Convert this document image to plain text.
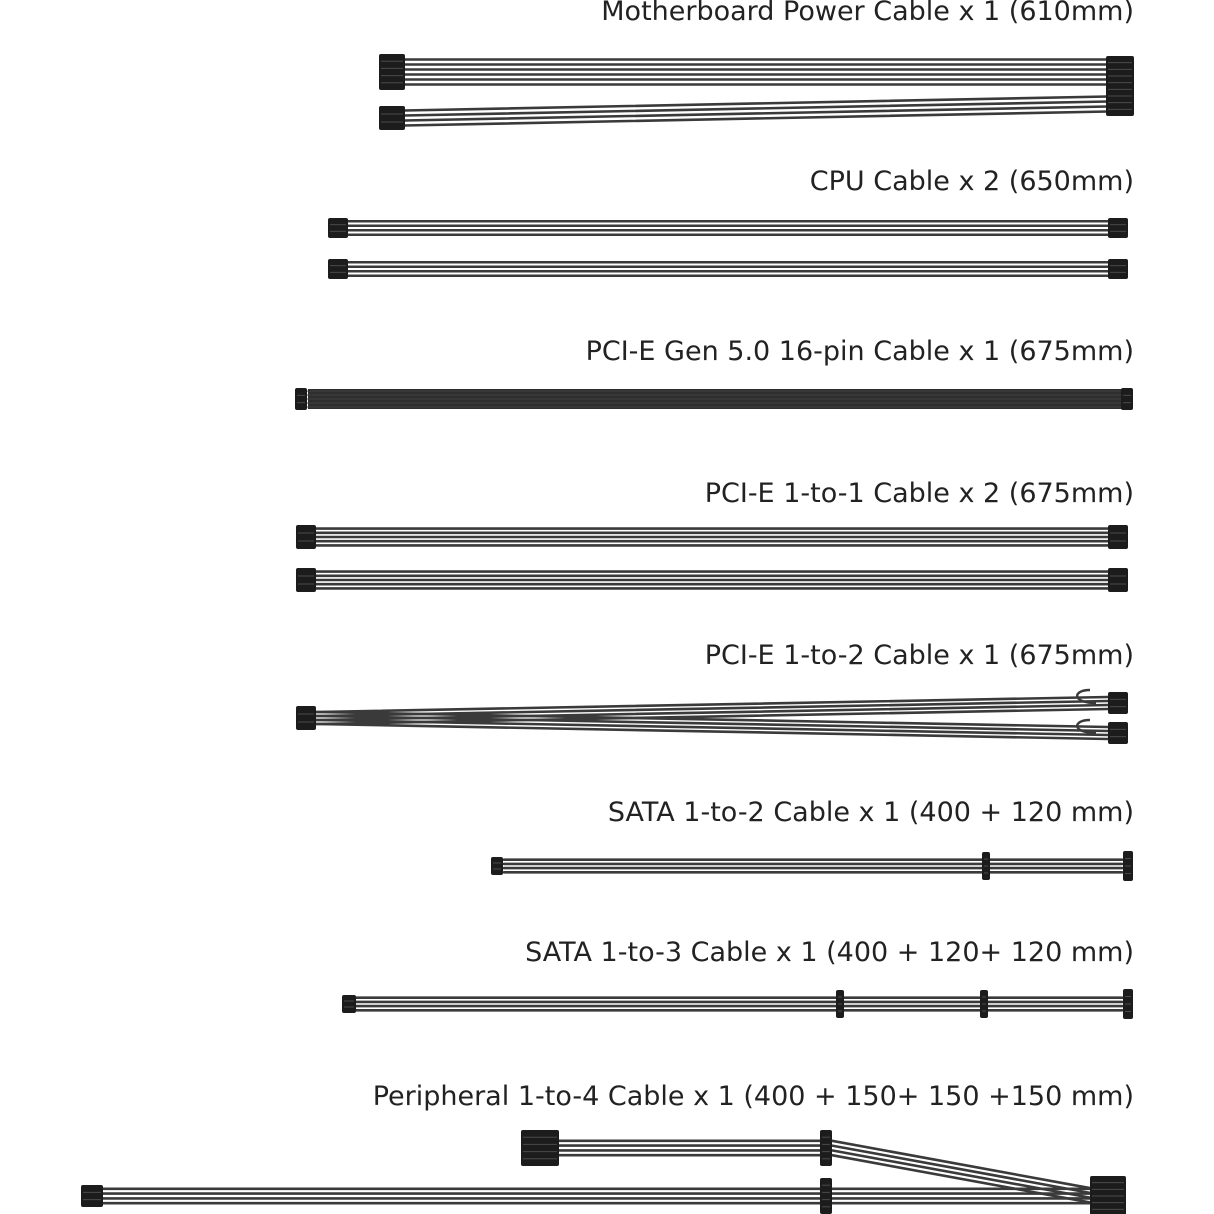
Motherboard Power Cable x 1 (610mm)
CPU Cable x 2 (650mm)
PCI-E Gen 5.0 16-pin Cable x 1 (675mm)
PCI-E 1-to-1 Cable x 2 (675mm)
PCI-E 1-to-2 Cable x 1 (675mm)
SATA 1-to-2 Cable x 1 (400 + 120 mm)
SATA 1-to-3 Cable x 1 (400 + 120+ 120 mm)
Peripheral 1-to-4 Cable x 1 (400 + 150+ 150 +150 mm)
